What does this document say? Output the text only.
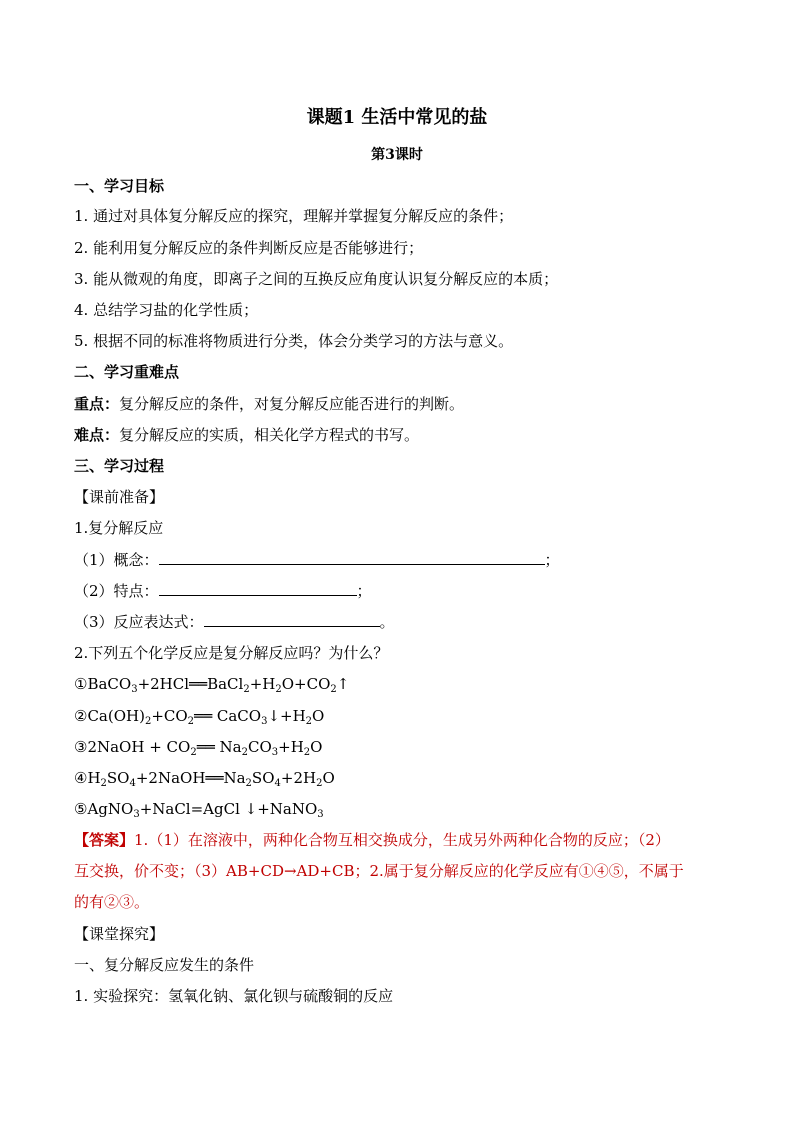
课题1 生活中常见的盐
第3课时
一、学习目标
1. 通过对具体复分解反应的探究，理解并掌握复分解反应的条件；
2. 能利用复分解反应的条件判断反应是否能够进行；
3. 能从微观的角度，即离子之间的互换反应角度认识复分解反应的本质；
4. 总结学习盐的化学性质；
5. 根据不同的标准将物质进行分类，体会分类学习的方法与意义。
二、学习重难点
重点：复分解反应的条件，对复分解反应能否进行的判断。
难点：复分解反应的实质，相关化学方程式的书写。
三、学习过程
【课前准备】
1.复分解反应
（1）概念：	；
（2）特点：	；
（3）反应表达式：	。
2.下列五个化学反应是复分解反应吗？为什么？
$①BaCO_3+2HCl══BaCl_2+H_2O+CO_2↑$
$②Ca(OH)_2+CO_2══$ $CaCO_3↓+H_2O$
③2NaOH + $CO_2══$ $Na_2CO_3+H_2O$
$④H_2SO_4+2NaOH══Na_2SO_4+2H_2O$
⑤AgNO$_3$+NaCl=AgCl ↓+NaNO$_3$
【答案】1.（1）在溶液中，两种化合物互相交换成分，生成另外两种化合物的反应；（2）
互交换，价不变；（3）AB+CD→AD+CB；2.属于复分解反应的化学反应有①④⑤，不属于
的有②③。
【课堂探究】
一、复分解反应发生的条件
1. 实验探究：氢氧化钠、氯化钡与硫酸铜的反应
